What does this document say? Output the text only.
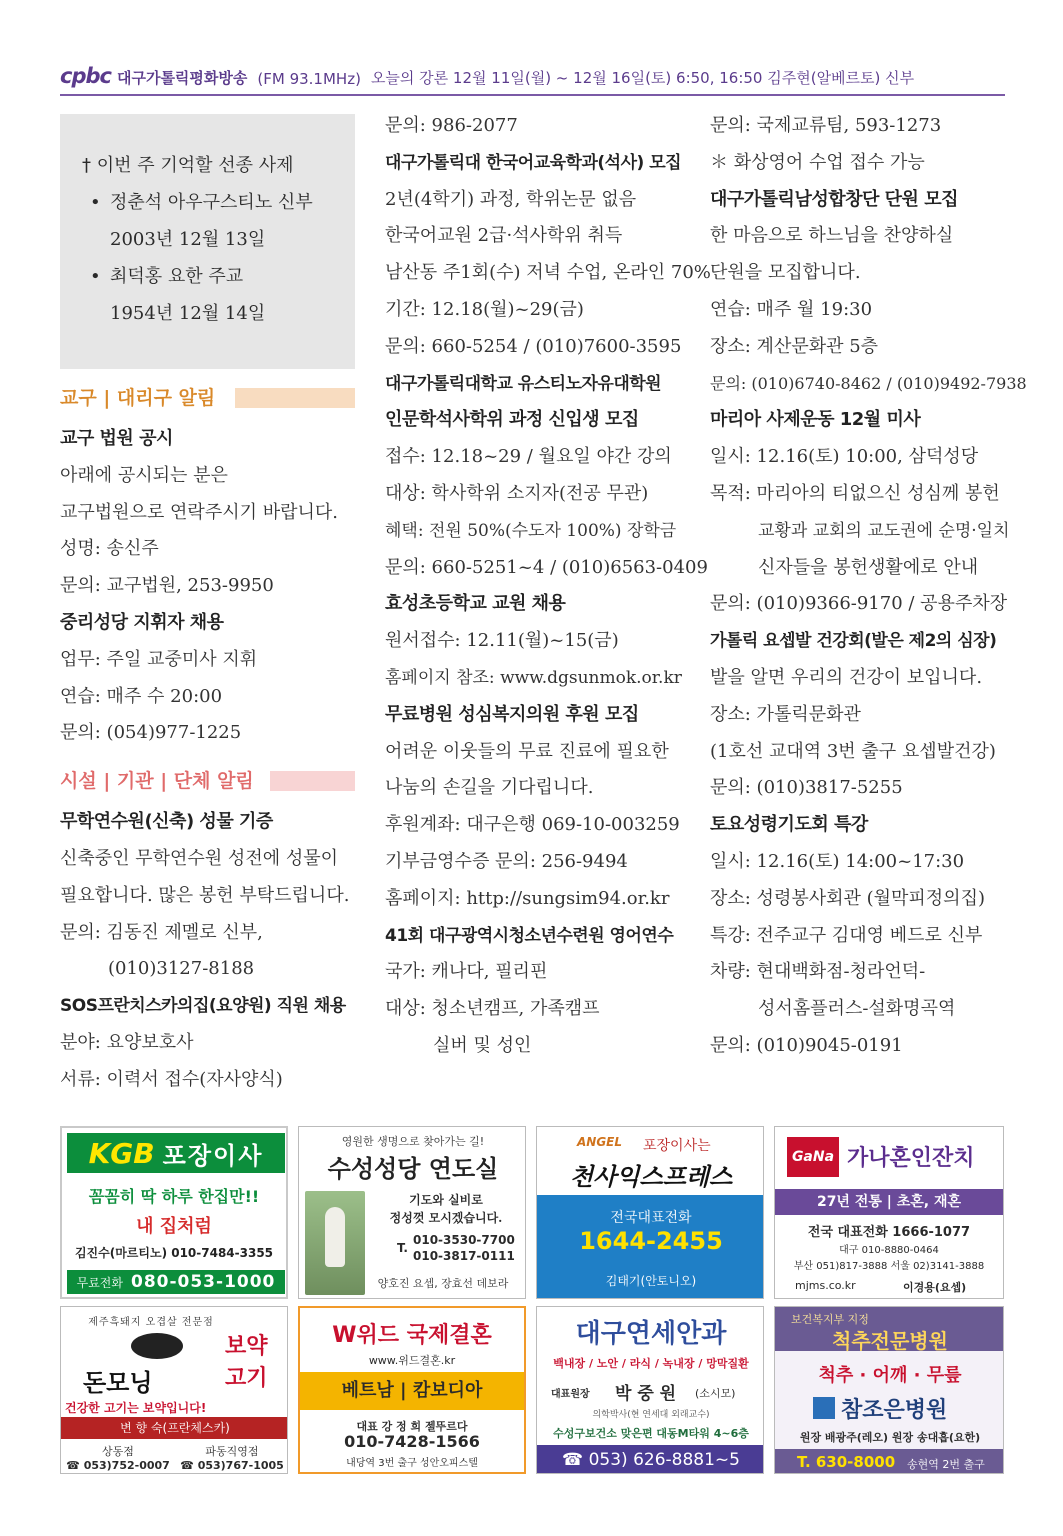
cpbc 대구가톨릭평화방송 (FM 93.1MHz) 오늘의 강론 12월 11일(월) ~ 12월 16일(토) 6:50, 16:50 김주현(알베르토) 신부
† 이번 주 기억할 선종 사제
• 정춘석 아우구스티노 신부
2003년 12월 13일
• 최덕홍 요한 주교
1954년 12월 14일
교구 | 대리구 알림
교구 법원 공시
아래에 공시되는 분은
교구법원으로 연락주시기 바랍니다.
성명: 송신주
문의: 교구법원, 253-9950
중리성당 지휘자 채용
업무: 주일 교중미사 지휘
연습: 매주 수 20:00
문의: (054)977-1225
시설 | 기관 | 단체 알림
무학연수원(신축) 성물 기증
신축중인 무학연수원 성전에 성물이
필요합니다. 많은 봉헌 부탁드립니다.
문의: 김동진 제멜로 신부,
(010)3127-8188
SOS프란치스카의집(요양원) 직원 채용
분야: 요양보호사
서류: 이력서 접수(자사양식)
문의: 986-2077
대구가톨릭대 한국어교육학과(석사) 모집
2년(4학기) 과정, 학위논문 없음
한국어교원 2급·석사학위 취득
남산동 주1회(수) 저녁 수업, 온라인 70%
기간: 12.18(월)~29(금)
문의: 660-5254 / (010)7600-3595
대구가톨릭대학교 유스티노자유대학원
인문학석사학위 과정 신입생 모집
접수: 12.18~29 / 월요일 야간 강의
대상: 학사학위 소지자(전공 무관)
혜택: 전원 50%(수도자 100%) 장학금
문의: 660-5251~4 / (010)6563-0409
효성초등학교 교원 채용
원서접수: 12.11(월)~15(금)
홈페이지 참조: www.dgsunmok.or.kr
무료병원 성심복지의원 후원 모집
어려운 이웃들의 무료 진료에 필요한
나눔의 손길을 기다립니다.
후원계좌: 대구은행 069-10-003259
기부금영수증 문의: 256-9494
홈페이지: http://sungsim94.or.kr
41회 대구광역시청소년수련원 영어연수
국가: 캐나다, 필리핀
대상: 청소년캠프, 가족캠프
실버 및 성인
문의: 국제교류팀, 593-1273
＊ 화상영어 수업 접수 가능
대구가톨릭남성합창단 단원 모집
한 마음으로 하느님을 찬양하실
단원을 모집합니다.
연습: 매주 월 19:30
장소: 계산문화관 5층
문의: (010)6740-8462 / (010)9492-7938
마리아 사제운동 12월 미사
일시: 12.16(토) 10:00, 삼덕성당
목적: 마리아의 티없으신 성심께 봉헌
교황과 교회의 교도권에 순명·일치
신자들을 봉헌생활에로 안내
문의: (010)9366-9170 / 공용주차장
가톨릭 요셉발 건강회(발은 제2의 심장)
발을 알면 우리의 건강이 보입니다.
장소: 가톨릭문화관
(1호선 교대역 3번 출구 요셉발건강)
문의: (010)3817-5255
토요성령기도회 특강
일시: 12.16(토) 14:00~17:30
장소: 성령봉사회관 (월막피정의집)
특강: 전주교구 김대영 베드로 신부
차량: 현대백화점-청라언덕-
성서홈플러스-설화명곡역
문의: (010)9045-0191
KGB 포장이사
꼼꼼히 딱 하루 한집만!!
내 집처럼
김진수(마르티노) 010-7484-3355
무료전화 080-053-1000
영원한 생명으로 찾아가는 길!
수성성당 연도실
기도와 실비로
정성껏 모시겠습니다.
T.
010-3530-7700
010-3817-0111
양호진 요셉, 장효선 데보라
ANGEL 포장이사는
천사익스프레스
전국대표전화
1644-2455
김태기(안토니오)
GaNa 가나혼인잔치
27년 전통 | 초혼, 재혼
전국 대표전화 1666-1077
대구 010-8880-0464
부산 051)817-3888 서울 02)3141-3888
mjms.co.kr	이경용(요셉)
제주흑돼지 오겹살 전문점
돈모닝
보약
고기
건강한 고기는 보약입니다!
변 향 숙(프란체스카)
상동점	파동직영점
☎ 053)752-0007 ☎ 053)767-1005
W위드 국제결혼
www.위드결혼.kr
베트남 | 캄보디아
대표 강 정 희 젤뚜르다
010-7428-1566
내당역 3번 출구 성안오피스텔
대구연세안과
백내장 / 노안 / 라식 / 녹내장 / 망막질환
대표원장 박 중 원 (소시모)
의학박사(현 연세대 외래교수)
수성구보건소 맞은편 대동M타워 4~6층
☎ 053) 626-8881~5
보건복지부 지정
척추전문병원
척추 · 어깨 · 무릎
참조은병원
원장 배광주(레오) 원장 송대흡(요한)
T. 630-8000 송현역 2번 출구
